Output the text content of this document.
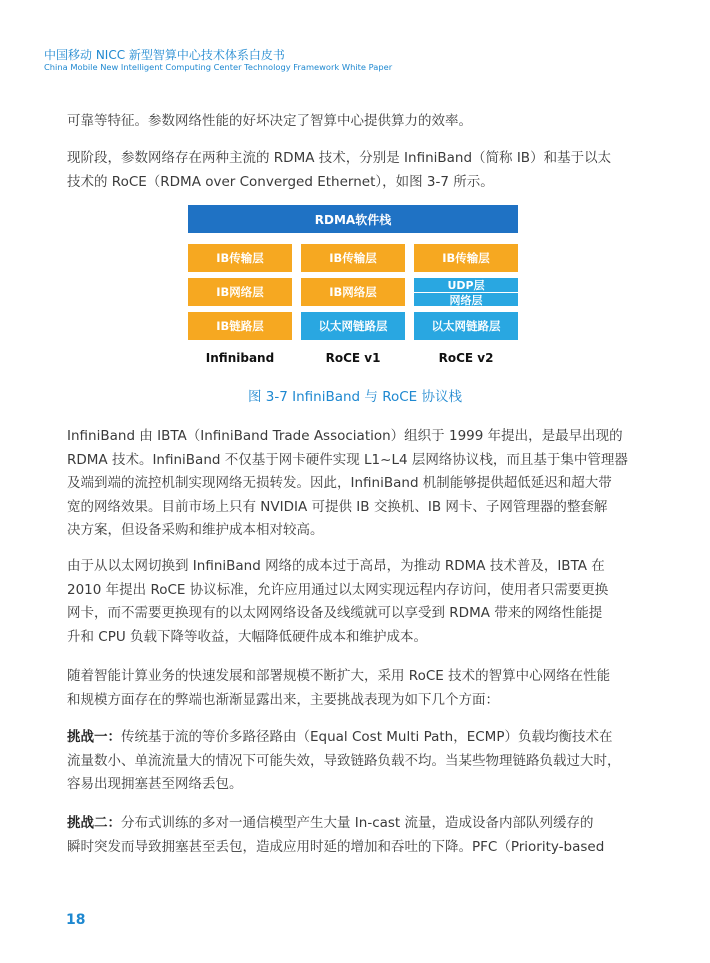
中国移动 NICC 新型智算中心技术体系白皮书
China Mobile New Intelligent Computing Center Technology Framework White Paper
可靠等特征。参数网络性能的好坏决定了智算中心提供算力的效率。
现阶段，参数网络存在两种主流的 RDMA 技术，分别是 InfiniBand（简称 IB）和基于以太
技术的 RoCE（RDMA over Converged Ethernet），如图 3-7 所示。
RDMA软件栈
IB传输层
IB网络层
IB链路层
Infiniband
IB传输层
IB网络层
以太网链路层
RoCE v1
IB传输层
UDP层
网络层
以太网链路层
RoCE v2
图 3-7 InfiniBand 与 RoCE 协议栈
InfiniBand 由 IBTA（InfiniBand Trade Association）组织于 1999 年提出，是最早出现的
RDMA 技术。InfiniBand 不仅基于网卡硬件实现 L1~L4 层网络协议栈，而且基于集中管理器
及端到端的流控机制实现网络无损转发。因此，InfiniBand 机制能够提供超低延迟和超大带
宽的网络效果。目前市场上只有 NVIDIA 可提供 IB 交换机、IB 网卡、子网管理器的整套解
决方案，但设备采购和维护成本相对较高。
由于从以太网切换到 InfiniBand 网络的成本过于高昂，为推动 RDMA 技术普及，IBTA 在
2010 年提出 RoCE 协议标准，允许应用通过以太网实现远程内存访问，使用者只需要更换
网卡，而不需要更换现有的以太网网络设备及线缆就可以享受到 RDMA 带来的网络性能提
升和 CPU 负载下降等收益，大幅降低硬件成本和维护成本。
随着智能计算业务的快速发展和部署规模不断扩大，采用 RoCE 技术的智算中心网络在性能
和规模方面存在的弊端也渐渐显露出来，主要挑战表现为如下几个方面：
挑战一：传统基于流的等价多路径路由（Equal Cost Multi Path，ECMP）负载均衡技术在
流量数小、单流流量大的情况下可能失效，导致链路负载不均。当某些物理链路负载过大时，
容易出现拥塞甚至网络丢包。
挑战二：分布式训练的多对一通信模型产生大量 In-cast 流量，造成设备内部队列缓存的
瞬时突发而导致拥塞甚至丢包，造成应用时延的增加和吞吐的下降。PFC（Priority-based
18
